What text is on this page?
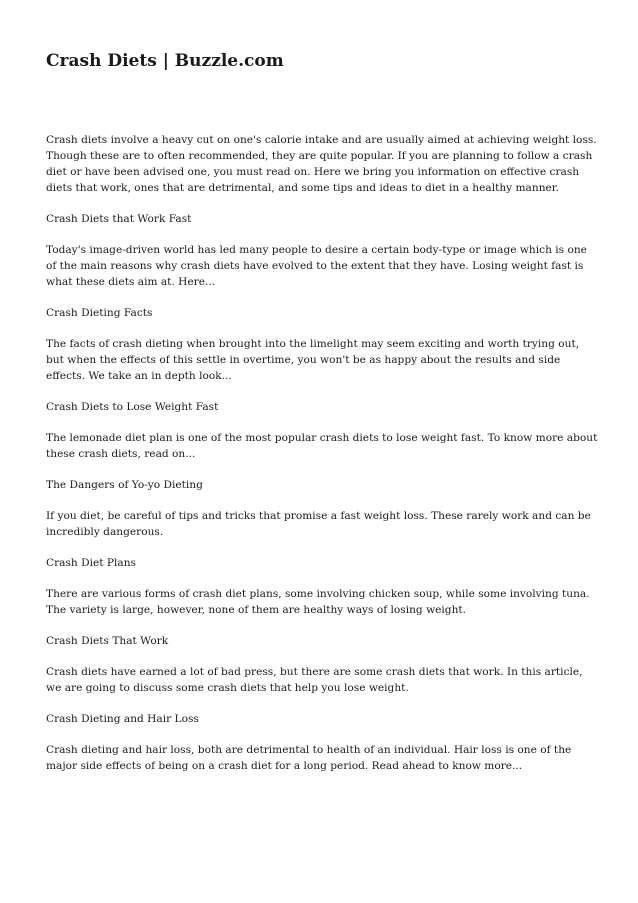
Crash Diets | Buzzle.com

Crash diets involve a heavy cut on one's calorie intake and are usually aimed at achieving weight loss. Though these are to often recommended, they are quite popular. If you are planning to follow a crash diet or have been advised one, you must read on. Here we bring you information on effective crash diets that work, ones that are detrimental, and some tips and ideas to diet in a healthy manner.

Crash Diets that Work Fast

Today's image-driven world has led many people to desire a certain body-type or image which is one of the main reasons why crash diets have evolved to the extent that they have. Losing weight fast is what these diets aim at. Here...

Crash Dieting Facts

The facts of crash dieting when brought into the limelight may seem exciting and worth trying out, but when the effects of this settle in overtime, you won't be as happy about the results and side effects. We take an in depth look...

Crash Diets to Lose Weight Fast

The lemonade diet plan is one of the most popular crash diets to lose weight fast. To know more about these crash diets, read on...

The Dangers of Yo-yo Dieting

If you diet, be careful of tips and tricks that promise a fast weight loss. These rarely work and can be incredibly dangerous.

Crash Diet Plans

There are various forms of crash diet plans, some involving chicken soup, while some involving tuna. The variety is large, however, none of them are healthy ways of losing weight.

Crash Diets That Work

Crash diets have earned a lot of bad press, but there are some crash diets that work. In this article, we are going to discuss some crash diets that help you lose weight.

Crash Dieting and Hair Loss

Crash dieting and hair loss, both are detrimental to health of an individual. Hair loss is one of the major side effects of being on a crash diet for a long period. Read ahead to know more...
